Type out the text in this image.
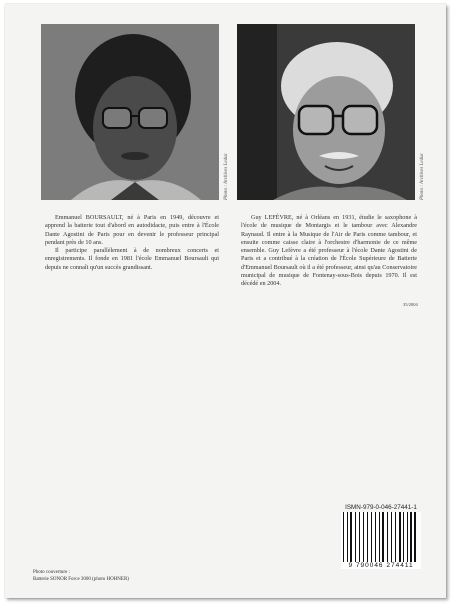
Photo : Archives Leduc	Photo : Archives Leduc

Emmanuel BOURSAULT, né à Paris en 1949, découvre et apprend la batterie tout d'abord en autodidacte, puis entre à l'École Dante Agostini de Paris pour en devenir le professeur principal pendant près de 10 ans.

Il participe parallèlement à de nombreux concerts et enregistrements. Il fonde en 1981 l'école Emmanuel Boursault qui depuis ne connaît qu'un succès grandissant.

Guy LEFÈVRE, né à Orléans en 1931, étudie le saxophone à l'école de musique de Montargis et le tambour avec Alexandre Raynaud. Il entre à la Musique de l'Air de Paris comme tambour, et ensuite comme caisse claire à l'orchestre d'harmonie de ce même ensemble. Guy Lefèvre a été professeur à l'école Dante Agostini de Paris et a contribué à la création de l'École Supérieure de Batterie d'Emmanuel Boursault où il a été professeur, ainsi qu'au Conservatoire municipal de musique de Fontenay-sous-Bois depuis 1970. Il est décédé en 2004.

35/2004
ISMN-979-0-046-27441-1
9 790046 274411
Photo couverture :
Batterie SONOR Force 3000 (photo HOHNER)
